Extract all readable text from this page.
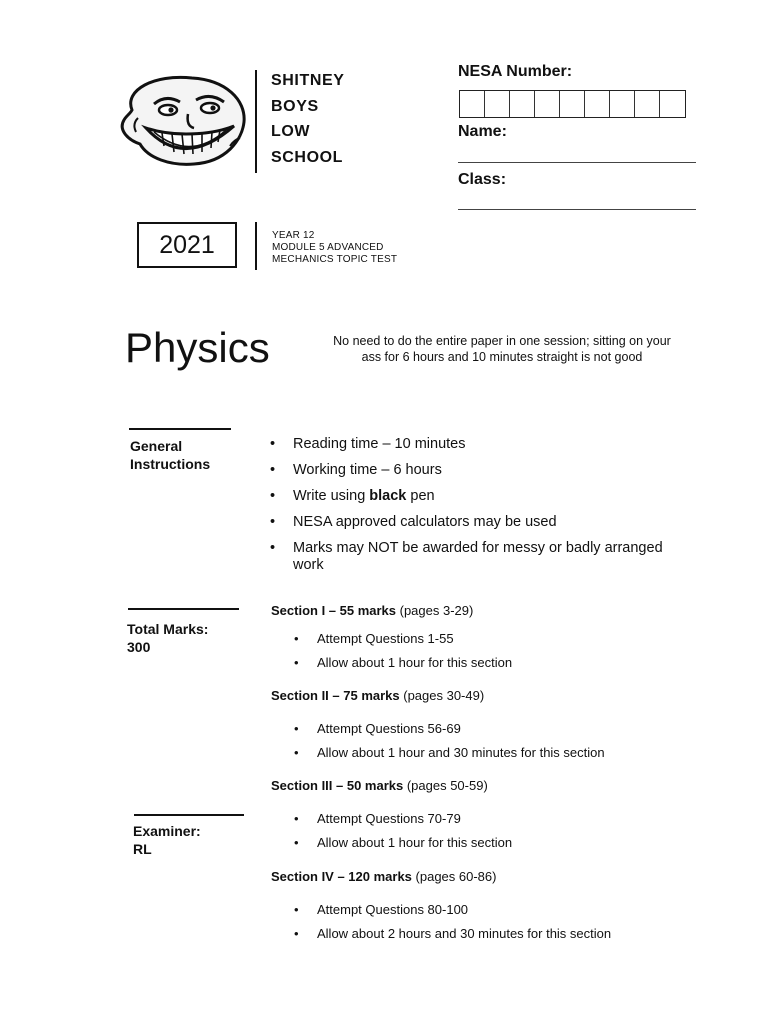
SHITNEY
BOYS
LOW
SCHOOL
NESA Number:
Name:
Class:
2021	YEAR 12
MODULE 5 ADVANCED
MECHANICS TOPIC TEST
Physics	No need to do the entire paper in one session; sitting on your ass for 6 hours and 10 minutes straight is not good
General
Instructions
• Reading time – 10 minutes
• Working time – 6 hours
• Write using black pen
• NESA approved calculators may be used
• Marks may NOT be awarded for messy or badly arranged work
Total Marks:
300
Section I – 55 marks (pages 3-29)
• Attempt Questions 1-55
• Allow about 1 hour for this section
Section II – 75 marks (pages 30-49)
• Attempt Questions 56-69
• Allow about 1 hour and 30 minutes for this section
Section III – 50 marks (pages 50-59)
Examiner:
RL
• Attempt Questions 70-79
• Allow about 1 hour for this section
Section IV – 120 marks (pages 60-86)
• Attempt Questions 80-100
• Allow about 2 hours and 30 minutes for this section
